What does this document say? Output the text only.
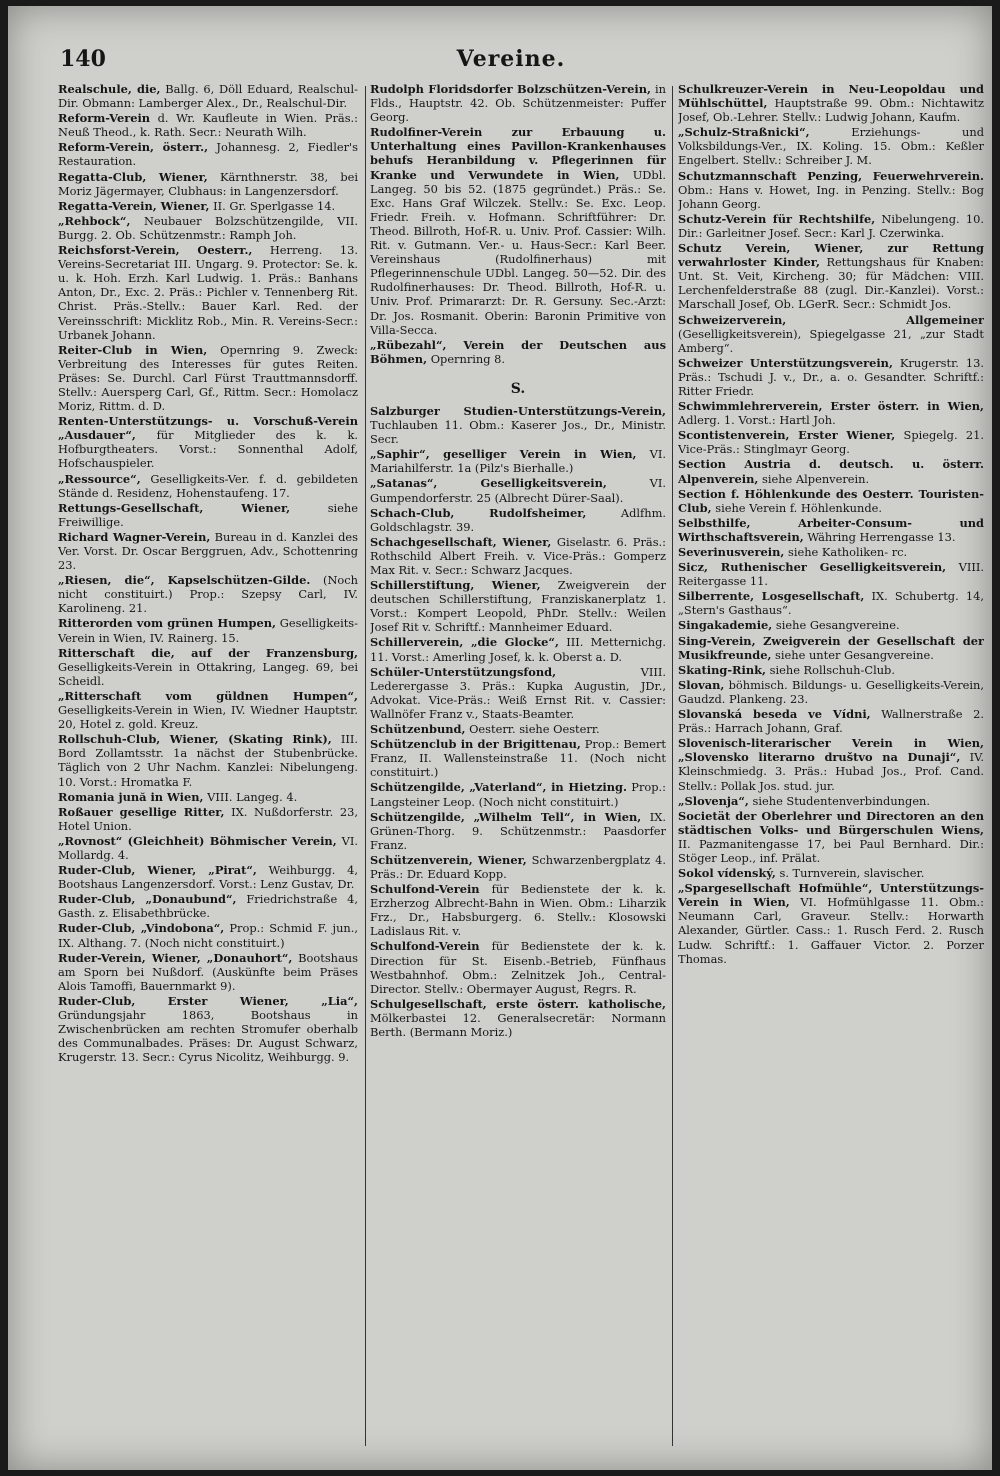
140	Vereine.
Realschule, die, Ballg. 6, Döll Eduard, Realschul-Dir. Obmann: Lamberger Alex., Dr., Realschul-Dir.
Reform-Verein d. Wr. Kaufleute in Wien. Präs.: Neuß Theod., k. Rath. Secr.: Neurath Wilh.
Reform-Verein, österr., Johannesg. 2, Fiedler's Restauration.
Regatta-Club, Wiener, Kärnthnerstr. 38, bei Moriz Jägermayer, Clubhaus: in Langenzersdorf.
Regatta-Verein, Wiener, II. Gr. Sperlgasse 14.
„Rehbock“, Neubauer Bolzschützengilde, VII. Burgg. 2. Ob. Schützenmstr.: Ramph Joh.
Reichsforst-Verein, Oesterr., Herreng. 13. Vereins-Secretariat III. Ungarg. 9. Protector: Se. k. u. k. Hoh. Erzh. Karl Ludwig. 1. Präs.: Banhans Anton, Dr., Exc. 2. Präs.: Pichler v. Tennenberg Rit. Christ. Präs.-Stellv.: Bauer Karl. Red. der Vereinsschrift: Micklitz Rob., Min. R. Vereins-Secr.: Urbanek Johann.
Reiter-Club in Wien, Opernring 9. Zweck: Verbreitung des Interesses für gutes Reiten. Präses: Se. Durchl. Carl Fürst Trauttmannsdorff. Stellv.: Auersperg Carl, Gf., Rittm. Secr.: Homolacz Moriz, Rittm. d. D.
Renten-Unterstützungs- u. Vorschuß-Verein „Ausdauer“, für Mitglieder des k. k. Hofburgtheaters. Vorst.: Sonnenthal Adolf, Hofschauspieler.
„Ressource“, Geselligkeits-Ver. f. d. gebildeten Stände d. Residenz, Hohenstaufeng. 17.
Rettungs-Gesellschaft, Wiener,	siehe Freiwillige.
Richard Wagner-Verein, Bureau in d. Kanzlei des Ver. Vorst. Dr. Oscar Berggruen, Adv., Schottenring 23.
„Riesen, die“, Kapselschützen-Gilde. (Noch nicht constituirt.) Prop.: Szepsy Carl, IV. Karolineng. 21.
Ritterorden vom grünen Humpen, Geselligkeits-Verein in Wien, IV. Rainerg. 15.
Ritterschaft die, auf der Franzensburg, Geselligkeits-Verein in Ottakring, Langeg. 69, bei Scheidl.
„Ritterschaft vom güldnen Humpen“, Geselligkeits-Verein in Wien, IV. Wiedner Hauptstr. 20, Hotel z. gold. Kreuz.
Rollschuh-Club, Wiener, (Skating Rink), III. Bord Zollamtsstr. 1a nächst der Stubenbrücke. Täglich von 2 Uhr Nachm. Kanzlei: Nibelungeng. 10. Vorst.: Hromatka F.
Romania jună in Wien, VIII. Langeg. 4.
Roßauer gesellige Ritter, IX. Nußdorferstr. 23, Hotel Union.
„Rovnost“ (Gleichheit) Böhmischer Verein, VI. Mollardg. 4.
Ruder-Club, Wiener, „Pirat“, Weihburgg. 4, Bootshaus Langenzersdorf. Vorst.: Lenz Gustav, Dr.
Ruder-Club, „Donaubund“, Friedrichstraße 4, Gasth. z. Elisabethbrücke.
Ruder-Club, „Vindobona“, Prop.: Schmid F. jun., IX. Althang. 7. (Noch nicht constituirt.)
Ruder-Verein, Wiener, „Donauhort“, Bootshaus am Sporn bei Nußdorf. (Auskünfte beim Präses Alois Tamoffi, Bauernmarkt 9).
Ruder-Club, Erster Wiener, „Lia“, Gründungsjahr 1863, Bootshaus in Zwischenbrücken am rechten Stromufer oberhalb des Communalbades. Präses: Dr. August Schwarz, Krugerstr. 13. Secr.: Cyrus Nicolitz, Weihburgg. 9.
Rudolph Floridsdorfer Bolzschützen-Verein, in Flds., Hauptstr. 42. Ob. Schützenmeister: Puffer Georg.
Rudolfiner-Verein zur Erbauung u. Unterhaltung eines Pavillon-Krankenhauses behufs Heranbildung v. Pflegerinnen für Kranke und Verwundete in Wien, UDbl. Langeg. 50 bis 52. (1875 gegründet.) Präs.: Se. Exc. Hans Graf Wilczek. Stellv.: Se. Exc. Leop. Friedr. Freih. v. Hofmann. Schriftführer: Dr. Theod. Billroth, Hof-R. u. Univ. Prof. Cassier: Wilh. Rit. v. Gutmann. Ver.- u. Haus-Secr.: Karl Beer. Vereinshaus (Rudolfinerhaus) mit Pflegerinnenschule UDbl. Langeg. 50—52. Dir. des Rudolfinerhauses: Dr. Theod. Billroth, Hof-R. u. Univ. Prof. Primararzt: Dr. R. Gersuny. Sec.-Arzt: Dr. Jos. Rosmanit. Oberin: Baronin Primitive von Villa-Secca.
„Rübezahl“, Verein der Deutschen aus Böhmen, Opernring 8.
S.
Salzburger Studien-Unterstützungs-Verein, Tuchlauben 11. Obm.: Kaserer Jos., Dr., Ministr. Secr.
„Saphir“, geselliger Verein in Wien, VI. Mariahilferstr. 1a (Pilz's Bierhalle.)
„Satanas“, Geselligkeitsverein,	VI. Gumpendorferstr. 25 (Albrecht Dürer-Saal).
Schach-Club, Rudolfsheimer,	Adlfhm. Goldschlagstr. 39.
Schachgesellschaft, Wiener, Giselastr. 6. Präs.: Rothschild Albert Freih. v. Vice-Präs.: Gomperz Max Rit. v. Secr.: Schwarz Jacques.
Schillerstiftung, Wiener, Zweigverein der deutschen Schillerstiftung, Franziskanerplatz 1. Vorst.: Kompert Leopold, PhDr. Stellv.: Weilen Josef Rit v. Schriftf.: Mannheimer Eduard.
Schillerverein, „die Glocke“, III. Metternichg. 11. Vorst.: Amerling Josef, k. k. Oberst a. D.
Schüler-Unterstützungsfond,	VIII. Lederergasse 3. Präs.: Kupka Augustin, JDr., Advokat. Vice-Präs.: Weiß Ernst Rit. v. Cassier: Wallnöfer Franz v., Staats-Beamter.
Schützenbund, Oesterr. siehe Oesterr.
Schützenclub in der Brigittenau, Prop.: Bemert Franz, II. Wallensteinstraße 11. (Noch nicht constituirt.)
Schützengilde, „Vaterland“, in Hietzing. Prop.: Langsteiner Leop. (Noch nicht constituirt.)
Schützengilde, „Wilhelm Tell“, in Wien, IX. Grünen-Thorg. 9. Schützenmstr.: Paasdorfer Franz.
Schützenverein, Wiener, Schwarzenbergplatz 4. Präs.: Dr. Eduard Kopp.
Schulfond-Verein für Bedienstete der k. k. Erzherzog Albrecht-Bahn in Wien. Obm.: Liharzik Frz., Dr., Habsburgerg. 6. Stellv.: Klosowski Ladislaus Rit. v.
Schulfond-Verein für Bedienstete der k. k. Direction für St. Eisenb.-Betrieb, Fünfhaus Westbahnhof. Obm.: Zelnitzek Joh., Central-Director. Stellv.: Obermayer August, Regrs. R.
Schulgesellschaft, erste österr. katholische, Mölkerbastei 12. Generalsecretär: Normann Berth. (Bermann Moriz.)
Schulkreuzer-Verein in Neu-Leopoldau und Mühlschüttel, Hauptstraße 99. Obm.: Nichtawitz Josef, Ob.-Lehrer. Stellv.: Ludwig Johann, Kaufm.
„Schulz-Straßnicki“,	Erziehungs- und Volksbildungs-Ver., IX. Koling. 15. Obm.: Keßler Engelbert. Stellv.: Schreiber J. M.
Schutzmannschaft Penzing, Feuerwehrverein. Obm.: Hans v. Howet, Ing. in Penzing. Stellv.: Bog Johann Georg.
Schutz-Verein für Rechtshilfe, Nibelungeng. 10. Dir.: Garleitner Josef. Secr.: Karl J. Czerwinka.
Schutz Verein, Wiener, zur Rettung verwahrloster Kinder, Rettungshaus für Knaben: Unt. St. Veit, Kircheng. 30; für Mädchen: VIII. Lerchenfelderstraße 88 (zugl. Dir.-Kanzlei). Vorst.: Marschall Josef, Ob. LGerR. Secr.: Schmidt Jos.
Schweizerverein, Allgemeiner (Geselligkeitsverein), Spiegelgasse 21, „zur Stadt Amberg“.
Schweizer Unterstützungsverein, Krugerstr. 13. Präs.: Tschudi J. v., Dr., a. o. Gesandter. Schriftf.: Ritter Friedr.
Schwimmlehrerverein, Erster österr. in Wien, Adlerg. 1. Vorst.: Hartl Joh.
Scontistenverein, Erster Wiener, Spiegelg. 21. Vice-Präs.: Stinglmayr Georg.
Section Austria d. deutsch. u. österr. Alpenverein, siehe Alpenverein.
Section f. Höhlenkunde des Oesterr. Touristen-Club, siehe Verein f. Höhlenkunde.
Selbsthilfe, Arbeiter-Consum- und Wirthschaftsverein, Währing Herrengasse 13.
Severinusverein, siehe Katholiken- rc.
Sicz, Ruthenischer Geselligkeitsverein, VIII. Reitergasse 11.
Silberrente, Losgesellschaft, IX. Schubertg. 14, „Stern's Gasthaus“.
Singakademie, siehe Gesangvereine.
Sing-Verein, Zweigverein der Gesellschaft der Musikfreunde, siehe unter Gesangvereine.
Skating-Rink, siehe Rollschuh-Club.
Slovan, böhmisch. Bildungs- u. Geselligkeits-Verein, Gaudzd. Plankeng. 23.
Slovanská beseda ve Vídni, Wallnerstraße 2. Präs.: Harrach Johann, Graf.
Slovenisch-literarischer Verein in Wien, „Slovensko literarno društvo na Dunaji“, IV. Kleinschmiedg. 3. Präs.: Hubad Jos., Prof. Cand. Stellv.: Pollak Jos. stud. jur.
„Slovenja“, siehe Studentenverbindungen.
Societät der Oberlehrer und Directoren an den städtischen Volks- und Bürgerschulen Wiens, II. Pazmanitengasse 17, bei Paul Bernhard. Dir.: Stöger Leop., inf. Prälat.
Sokol vídenský, s. Turnverein, slavischer.
„Spargesellschaft Hofmühle“, Unterstützungs-Verein in Wien, VI. Hofmühlgasse 11. Obm.: Neumann Carl, Graveur. Stellv.: Horwarth Alexander, Gürtler. Cass.: 1. Rusch Ferd. 2. Rusch Ludw. Schriftf.: 1. Gaffauer Victor. 2. Porzer Thomas.
